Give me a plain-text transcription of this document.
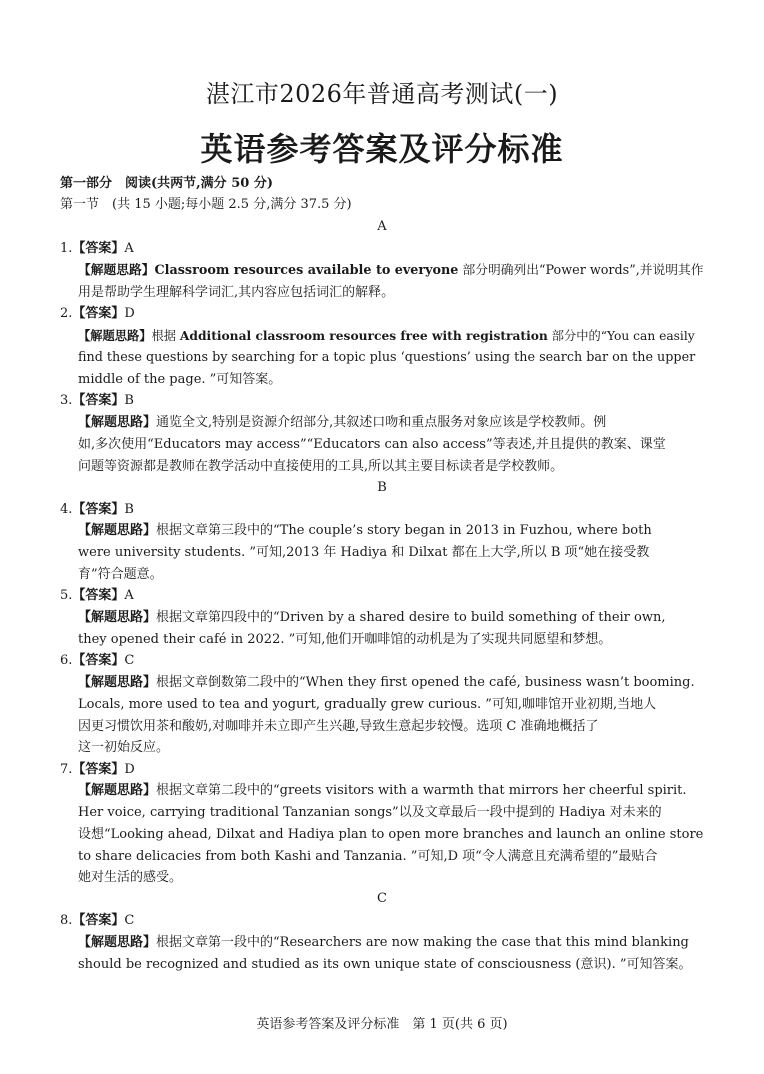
湛江市2026年普通高考测试(一)
英语参考答案及评分标准
第一部分　阅读(共两节,满分 50 分)
第一节　(共 15 小题;每小题 2.5 分,满分 37.5 分)
A
1.【答案】A
【解题思路】Classroom resources available to everyone 部分明确列出“Power words”,并说明其作
用是帮助学生理解科学词汇,其内容应包括词汇的解释。
2.【答案】D
【解题思路】根据 Additional classroom resources free with registration 部分中的“You can easily
find these questions by searching for a topic plus ‘questions’ using the search bar on the upper
middle of the page. ”可知答案。
3.【答案】B
【解题思路】通览全文,特别是资源介绍部分,其叙述口吻和重点服务对象应该是学校教师。例
如,多次使用“Educators may access”“Educators can also access”等表述,并且提供的教案、课堂
问题等资源都是教师在教学活动中直接使用的工具,所以其主要目标读者是学校教师。
B
4.【答案】B
【解题思路】根据文章第三段中的“The couple’s story began in 2013 in Fuzhou, where both
were university students. ”可知,2013 年 Hadiya 和 Dilxat 都在上大学,所以 B 项“她在接受教
育”符合题意。
5.【答案】A
【解题思路】根据文章第四段中的“Driven by a shared desire to build something of their own,
they opened their café in 2022. ”可知,他们开咖啡馆的动机是为了实现共同愿望和梦想。
6.【答案】C
【解题思路】根据文章倒数第二段中的“When they first opened the café, business wasn’t booming.
Locals, more used to tea and yogurt, gradually grew curious. ”可知,咖啡馆开业初期,当地人
因更习惯饮用茶和酸奶,对咖啡并未立即产生兴趣,导致生意起步较慢。选项 C 准确地概括了
这一初始反应。
7.【答案】D
【解题思路】根据文章第二段中的“greets visitors with a warmth that mirrors her cheerful spirit.
Her voice, carrying traditional Tanzanian songs”以及文章最后一段中提到的 Hadiya 对未来的
设想“Looking ahead, Dilxat and Hadiya plan to open more branches and launch an online store
to share delicacies from both Kashi and Tanzania. ”可知,D 项“令人满意且充满希望的”最贴合
她对生活的感受。
C
8.【答案】C
【解题思路】根据文章第一段中的“Researchers are now making the case that this mind blanking
should be recognized and studied as its own unique state of consciousness (意识). ”可知答案。
英语参考答案及评分标准　第 1 页(共 6 页)
